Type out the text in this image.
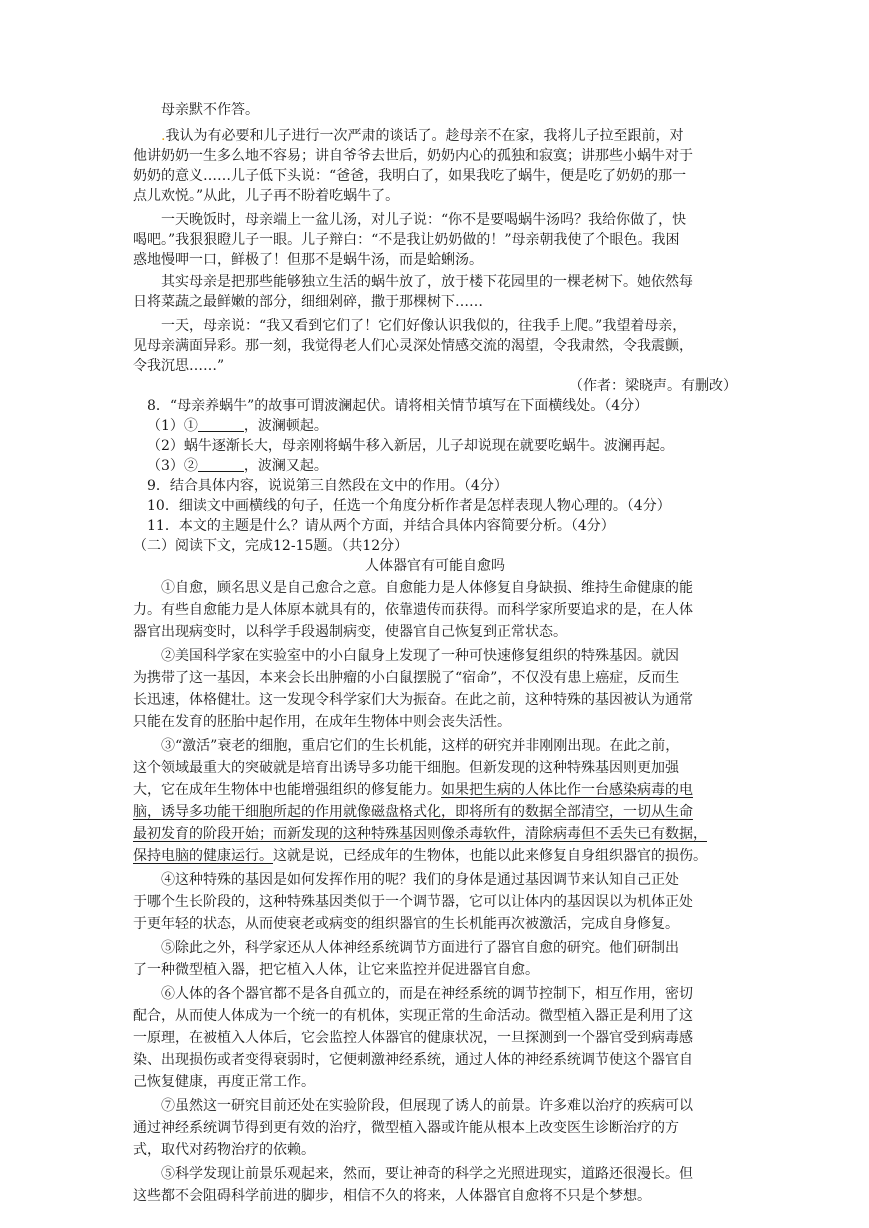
母亲默不作答。
.我认为有必要和儿子进行一次严肃的谈话了。趁母亲不在家，我将儿子拉至跟前，对
他讲奶奶一生多么地不容易；讲自爷爷去世后，奶奶内心的孤独和寂寞；讲那些小蜗牛对于
奶奶的意义……儿子低下头说：“爸爸，我明白了，如果我吃了蜗牛，便是吃了奶奶的那一
点儿欢悦。”从此，儿子再不盼着吃蜗牛了。
一天晚饭时，母亲端上一盆儿汤，对儿子说：“你不是要喝蜗牛汤吗？我给你做了，快
喝吧。”我狠狠瞪儿子一眼。儿子辩白：“不是我让奶奶做的！”母亲朝我使了个眼色。我困
惑地慢呷一口，鲜极了！但那不是蜗牛汤，而是蛤蜊汤。
其实母亲是把那些能够独立生活的蜗牛放了，放于楼下花园里的一棵老树下。她依然每
日将菜蔬之最鲜嫩的部分，细细剁碎，撒于那棵树下……
一天，母亲说：“我又看到它们了！它们好像认识我似的，往我手上爬。”我望着母亲，
见母亲满面异彩。那一刻，我觉得老人们心灵深处情感交流的渴望，令我肃然，令我震颤，
令我沉思……”
（作者：梁晓声。有删改）
8．“母亲养蜗牛”的故事可谓波澜起伏。请将相关情节填写在下面横线处。（4分）
（1）①	，波澜顿起。
（2）蜗牛逐渐长大，母亲刚将蜗牛移入新居，儿子却说现在就要吃蜗牛。波澜再起。
（3）②	，波澜又起。
9．结合具体内容，说说第三自然段在文中的作用。（4分）
10．细读文中画横线的句子，任选一个角度分析作者是怎样表现人物心理的。（4分）
11．本文的主题是什么？请从两个方面，并结合具体内容简要分析。（4分）
（二）阅读下文，完成12-15题。（共12分）
人体器官有可能自愈吗
①自愈，顾名思义是自己愈合之意。自愈能力是人体修复自身缺损、维持生命健康的能
力。有些自愈能力是人体原本就具有的，依靠遗传而获得。而科学家所要追求的是，在人体
器官出现病变时，以科学手段遏制病变，使器官自己恢复到正常状态。
②美国科学家在实验室中的小白鼠身上发现了一种可快速修复组织的特殊基因。就因
为携带了这一基因，本来会长出肿瘤的小白鼠摆脱了“宿命”，不仅没有患上癌症，反而生
长迅速，体格健壮。这一发现令科学家们大为振奋。在此之前，这种特殊的基因被认为通常
只能在发育的胚胎中起作用，在成年生物体中则会丧失活性。
③“激活”衰老的细胞，重启它们的生长机能，这样的研究并非刚刚出现。在此之前，
这个领域最重大的突破就是培育出诱导多功能干细胞。但新发现的这种特殊基因则更加强
大，它在成年生物体中也能增强组织的修复能力。如果把生病的人体比作一台感染病毒的电
脑，诱导多功能干细胞所起的作用就像磁盘格式化，即将所有的数据全部清空，一切从生命
最初发育的阶段开始；而新发现的这种特殊基因则像杀毒软件，清除病毒但不丢失已有数据，
保持电脑的健康运行。这就是说，已经成年的生物体，也能以此来修复自身组织器官的损伤。
④这种特殊的基因是如何发挥作用的呢？我们的身体是通过基因调节来认知自己正处
于哪个生长阶段的，这种特殊基因类似于一个调节器，它可以让体内的基因误以为机体正处
于更年轻的状态，从而使衰老或病变的组织器官的生长机能再次被激活，完成自身修复。
⑤除此之外，科学家还从人体神经系统调节方面进行了器官自愈的研究。他们研制出
了一种微型植入器，把它植入人体，让它来监控并促进器官自愈。
⑥人体的各个器官都不是各自孤立的，而是在神经系统的调节控制下，相互作用，密切
配合，从而使人体成为一个统一的有机体，实现正常的生命活动。微型植入器正是利用了这
一原理，在被植入人体后，它会监控人体器官的健康状况，一旦探测到一个器官受到病毒感
染、出现损伤或者变得衰弱时，它便刺激神经系统，通过人体的神经系统调节使这个器官自
己恢复健康，再度正常工作。
⑦虽然这一研究目前还处在实验阶段，但展现了诱人的前景。许多难以治疗的疾病可以
通过神经系统调节得到更有效的治疗，微型植入器或许能从根本上改变医生诊断治疗的方
式，取代对药物治疗的依赖。
⑤科学发现让前景乐观起来，然而，要让神奇的科学之光照进现实，道路还很漫长。但
这些都不会阻碍科学前进的脚步，相信不久的将来，人体器官自愈将不只是个梦想。
